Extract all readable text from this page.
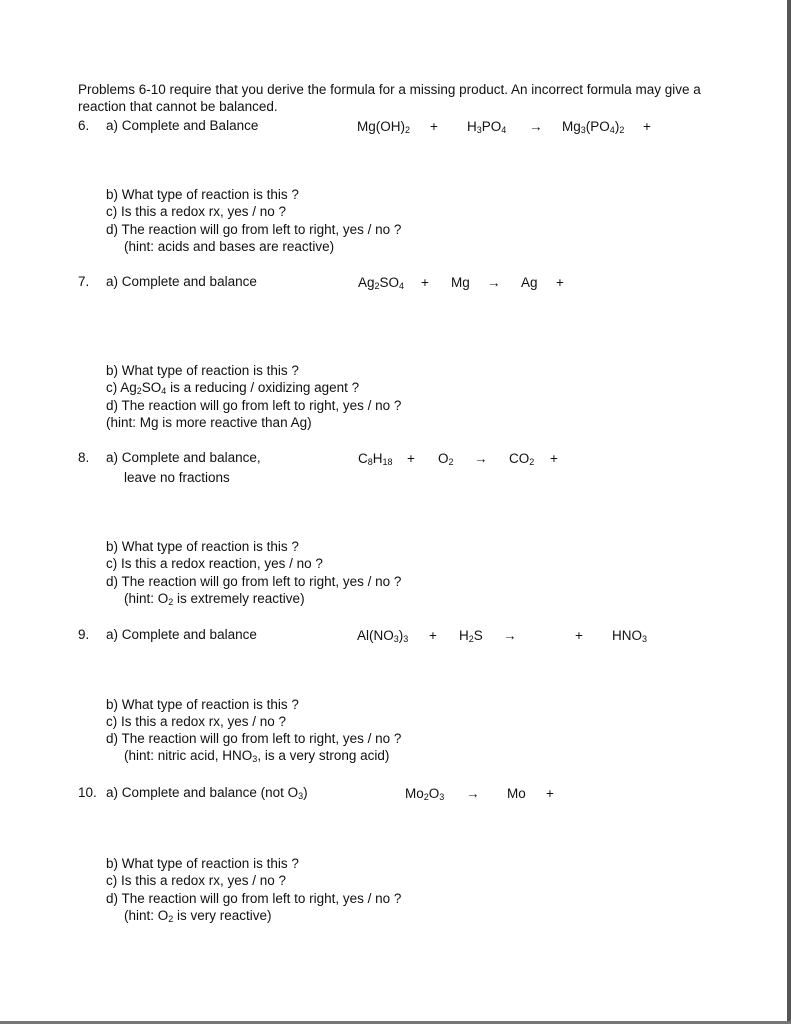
Problems 6-10 require that you derive the formula for a missing product. An incorrect formula may give a
reaction that cannot be balanced.
6. a) Complete and Balance	$Mg(OH)_2 + H_3PO_4 \to Mg_3(PO_4)_2$ +
b) What type of reaction is this ?
c) Is this a redox rx, yes / no ?
d) The reaction will go from left to right, yes / no ?
(hint: acids and bases are reactive)
7. a) Complete and balance	$Ag_2SO_4 + Mg \to Ag$ +
b) What type of reaction is this ?
c) $Ag_2SO_4$ is a reducing / oxidizing agent ?
d) The reaction will go from left to right, yes / no ?
(hint: Mg is more reactive than Ag)
8. a) Complete and balance,
leave no fractions
$C_8H_{18} + O_2 \to CO_2$ +
b) What type of reaction is this ?
c) Is this a redox reaction, yes / no ?
d) The reaction will go from left to right, yes / no ?
(hint: $O_2$ is extremely reactive)
9. a) Complete and balance	$Al(NO_3)_3 + H_2S$ →	+ $HNO_3$
b) What type of reaction is this ?
c) Is this a redox rx, yes / no ?
d) The reaction will go from left to right, yes / no ?
(hint: nitric acid, $HNO_3$, is a very strong acid)
10. a) Complete and balance (not $O_3$)	$Mo_2O_3 \to Mo$ +
b) What type of reaction is this ?
c) Is this a redox rx, yes / no ?
d) The reaction will go from left to right, yes / no ?
(hint: $O_2$ is very reactive)
